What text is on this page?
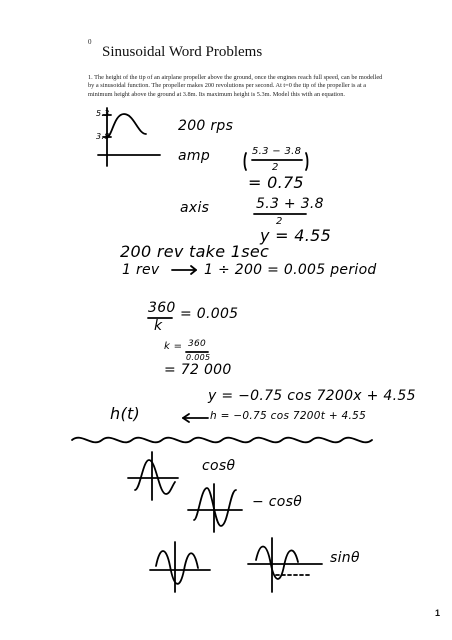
0
Sinusoidal Word Problems
1. The height of the tip of an airplane propeller above the ground, once the engines reach full speed, can be modelled by a sinusoidal function. The propeller makes 200 revolutions per second. At t=0 the tip of the propeller is at a minimum height above the ground at 3.8m. Its maximum height is 5.3m. Model this with an equation.
5.3
3.8
200 rps
amp	5.3 − 3.8
2
= 0.75
axis	5.3 + 3.8
2
y = 4.55
200 rev take 1sec
1 rev	1 ÷ 200 = 0.005 period
360
k
= 0.005
k = 360
0.005
= 72 000
y = −0.75 cos 7200x + 4.55
h(t)	h = −0.75 cos 7200t + 4.55
cosθ
− cosθ
sinθ
1
